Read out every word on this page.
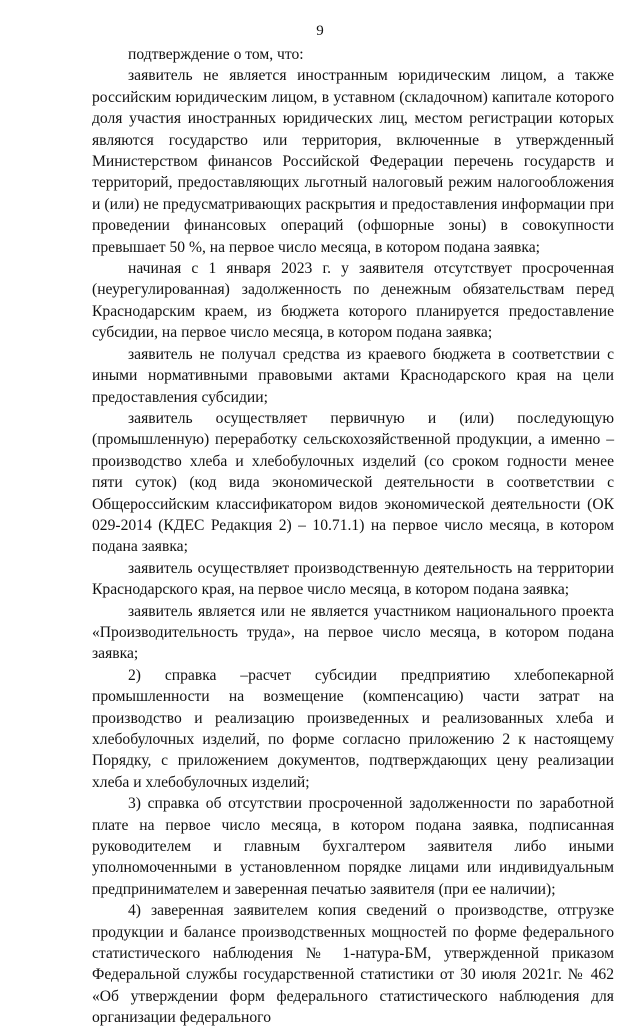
9

подтверждение о том, что:

заявитель не является иностранным юридическим лицом, а также российским юридическим лицом, в уставном (складочном) капитале которого доля участия иностранных юридических лиц, местом регистрации которых являются государство или территория, включенные в утвержденный Министерством финансов Российской Федерации перечень государств и территорий, предоставляющих льготный налоговый режим налогообложения и (или) не предусматривающих раскрытия и предоставления информации при проведении финансовых операций (офшорные зоны) в совокупности превышает 50 %, на первое число месяца, в котором подана заявка;

начиная с 1 января 2023 г. у заявителя отсутствует просроченная (неурегулированная) задолженность по денежным обязательствам перед Краснодарским краем, из бюджета которого планируется предоставление субсидии, на первое число месяца, в котором подана заявка;

заявитель не получал средства из краевого бюджета в соответствии с иными нормативными правовыми актами Краснодарского края на цели предоставления субсидии;

заявитель осуществляет первичную и (или) последующую (промышленную) переработку сельскохозяйственной продукции, а именно – производство хлеба и хлебобулочных изделий (со сроком годности менее пяти суток) (код вида экономической деятельности в соответствии с Общероссийским классификатором видов экономической деятельности (ОК 029-2014 (КДЕС Редакция 2) – 10.71.1) на первое число месяца, в котором подана заявка;

заявитель осуществляет производственную деятельность на территории Краснодарского края, на первое число месяца, в котором подана заявка;

заявитель является или не является участником национального проекта «Производительность труда», на первое число месяца, в котором подана заявка;

2) справка –расчет субсидии предприятию хлебопекарной промышленности на возмещение (компенсацию) части затрат на производство и реализацию произведенных и реализованных хлеба и хлебобулочных изделий, по форме согласно приложению 2 к настоящему Порядку, с приложением документов, подтверждающих цену реализации хлеба и хлебобулочных изделий;

3) справка об отсутствии просроченной задолженности по заработной плате на первое число месяца, в котором подана заявка, подписанная руководителем и главным бухгалтером заявителя либо иными уполномоченными в установленном порядке лицами или индивидуальным предпринимателем и заверенная печатью заявителя (при ее наличии);

4) заверенная заявителем копия сведений о производстве, отгрузке продукции и балансе производственных мощностей по форме федерального статистического наблюдения № 1-натура-БМ, утвержденной приказом Федеральной службы государственной статистики от 30 июля 2021г. № 462 «Об утверждении форм федерального статистического наблюдения для организации федерального
